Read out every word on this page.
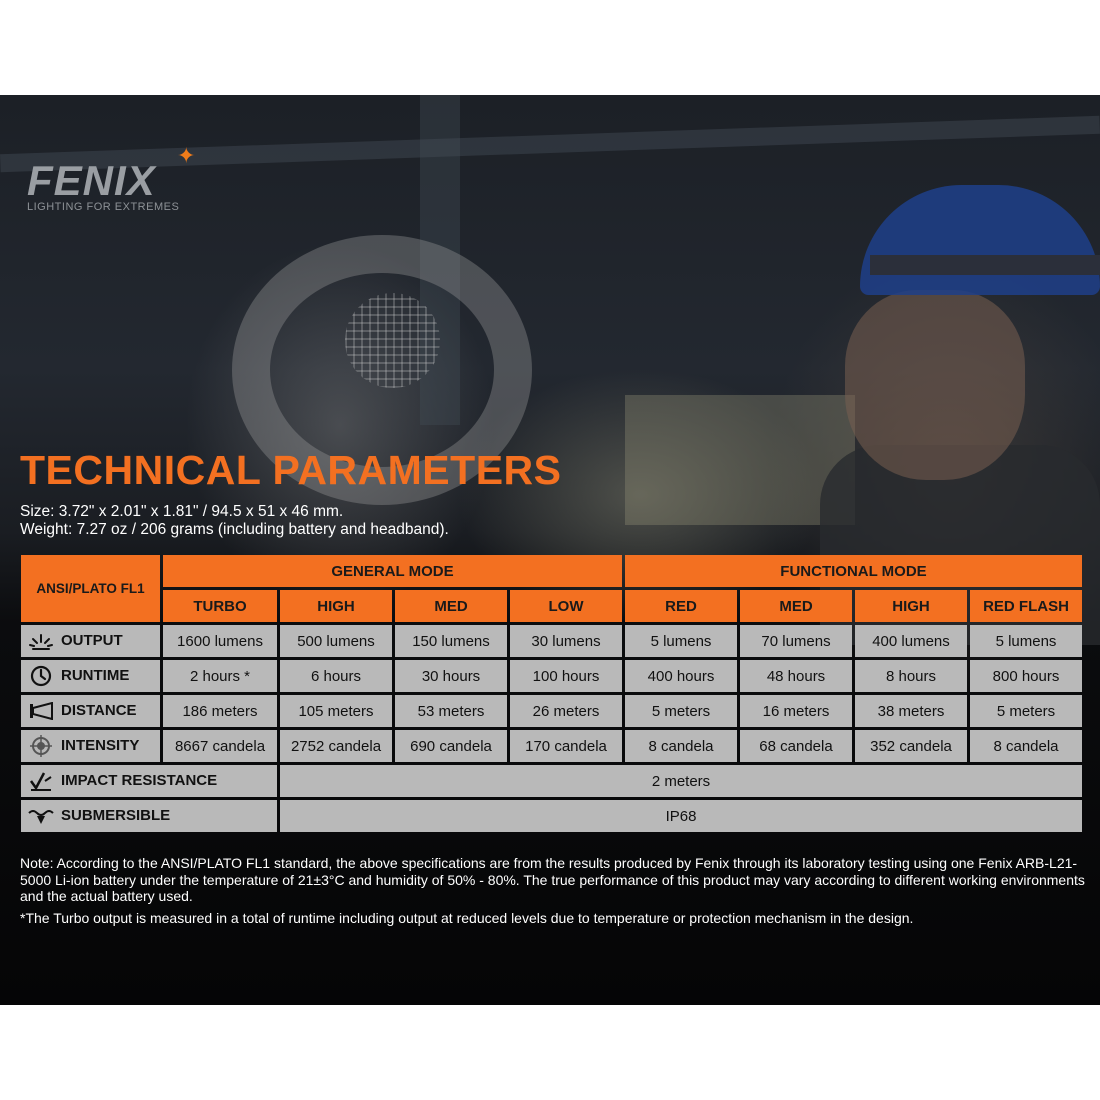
FENIX
✦
LIGHTING FOR EXTREMES
TECHNICAL PARAMETERS
Size: 3.72" x 2.01" x 1.81" / 94.5 x 51 x 46 mm.
Weight: 7.27 oz / 206 grams (including battery and headband).
ANSI/PLATO FL1	GENERAL MODE				FUNCTIONAL MODE			
	TURBO	HIGH	MED	LOW	RED	MED	HIGH	RED FLASH
OUTPUT	1600 lumens	500 lumens	150 lumens	30 lumens	5 lumens	70 lumens	400 lumens	5 lumens
RUNTIME	2 hours *	6 hours	30 hours	100 hours	400 hours	48 hours	8 hours	800 hours
DISTANCE	186 meters	105 meters	53 meters	26 meters	5 meters	16 meters	38 meters	5 meters
INTENSITY	8667 candela	2752 candela	690 candela	170 candela	8 candela	68 candela	352 candela	8 candela
IMPACT RESISTANCE		2 meters						
SUBMERSIBLE		IP68						
Note: According to the ANSI/PLATO FL1 standard, the above specifications are from the results produced by Fenix through its laboratory testing using one Fenix ARB-L21-5000 Li-ion battery under the temperature of 21±3°C and humidity of 50% - 80%. The true performance of this product may vary according to different working environments and the actual battery used.
*The Turbo output is measured in a total of runtime including output at reduced levels due to temperature or protection mechanism in the design.
